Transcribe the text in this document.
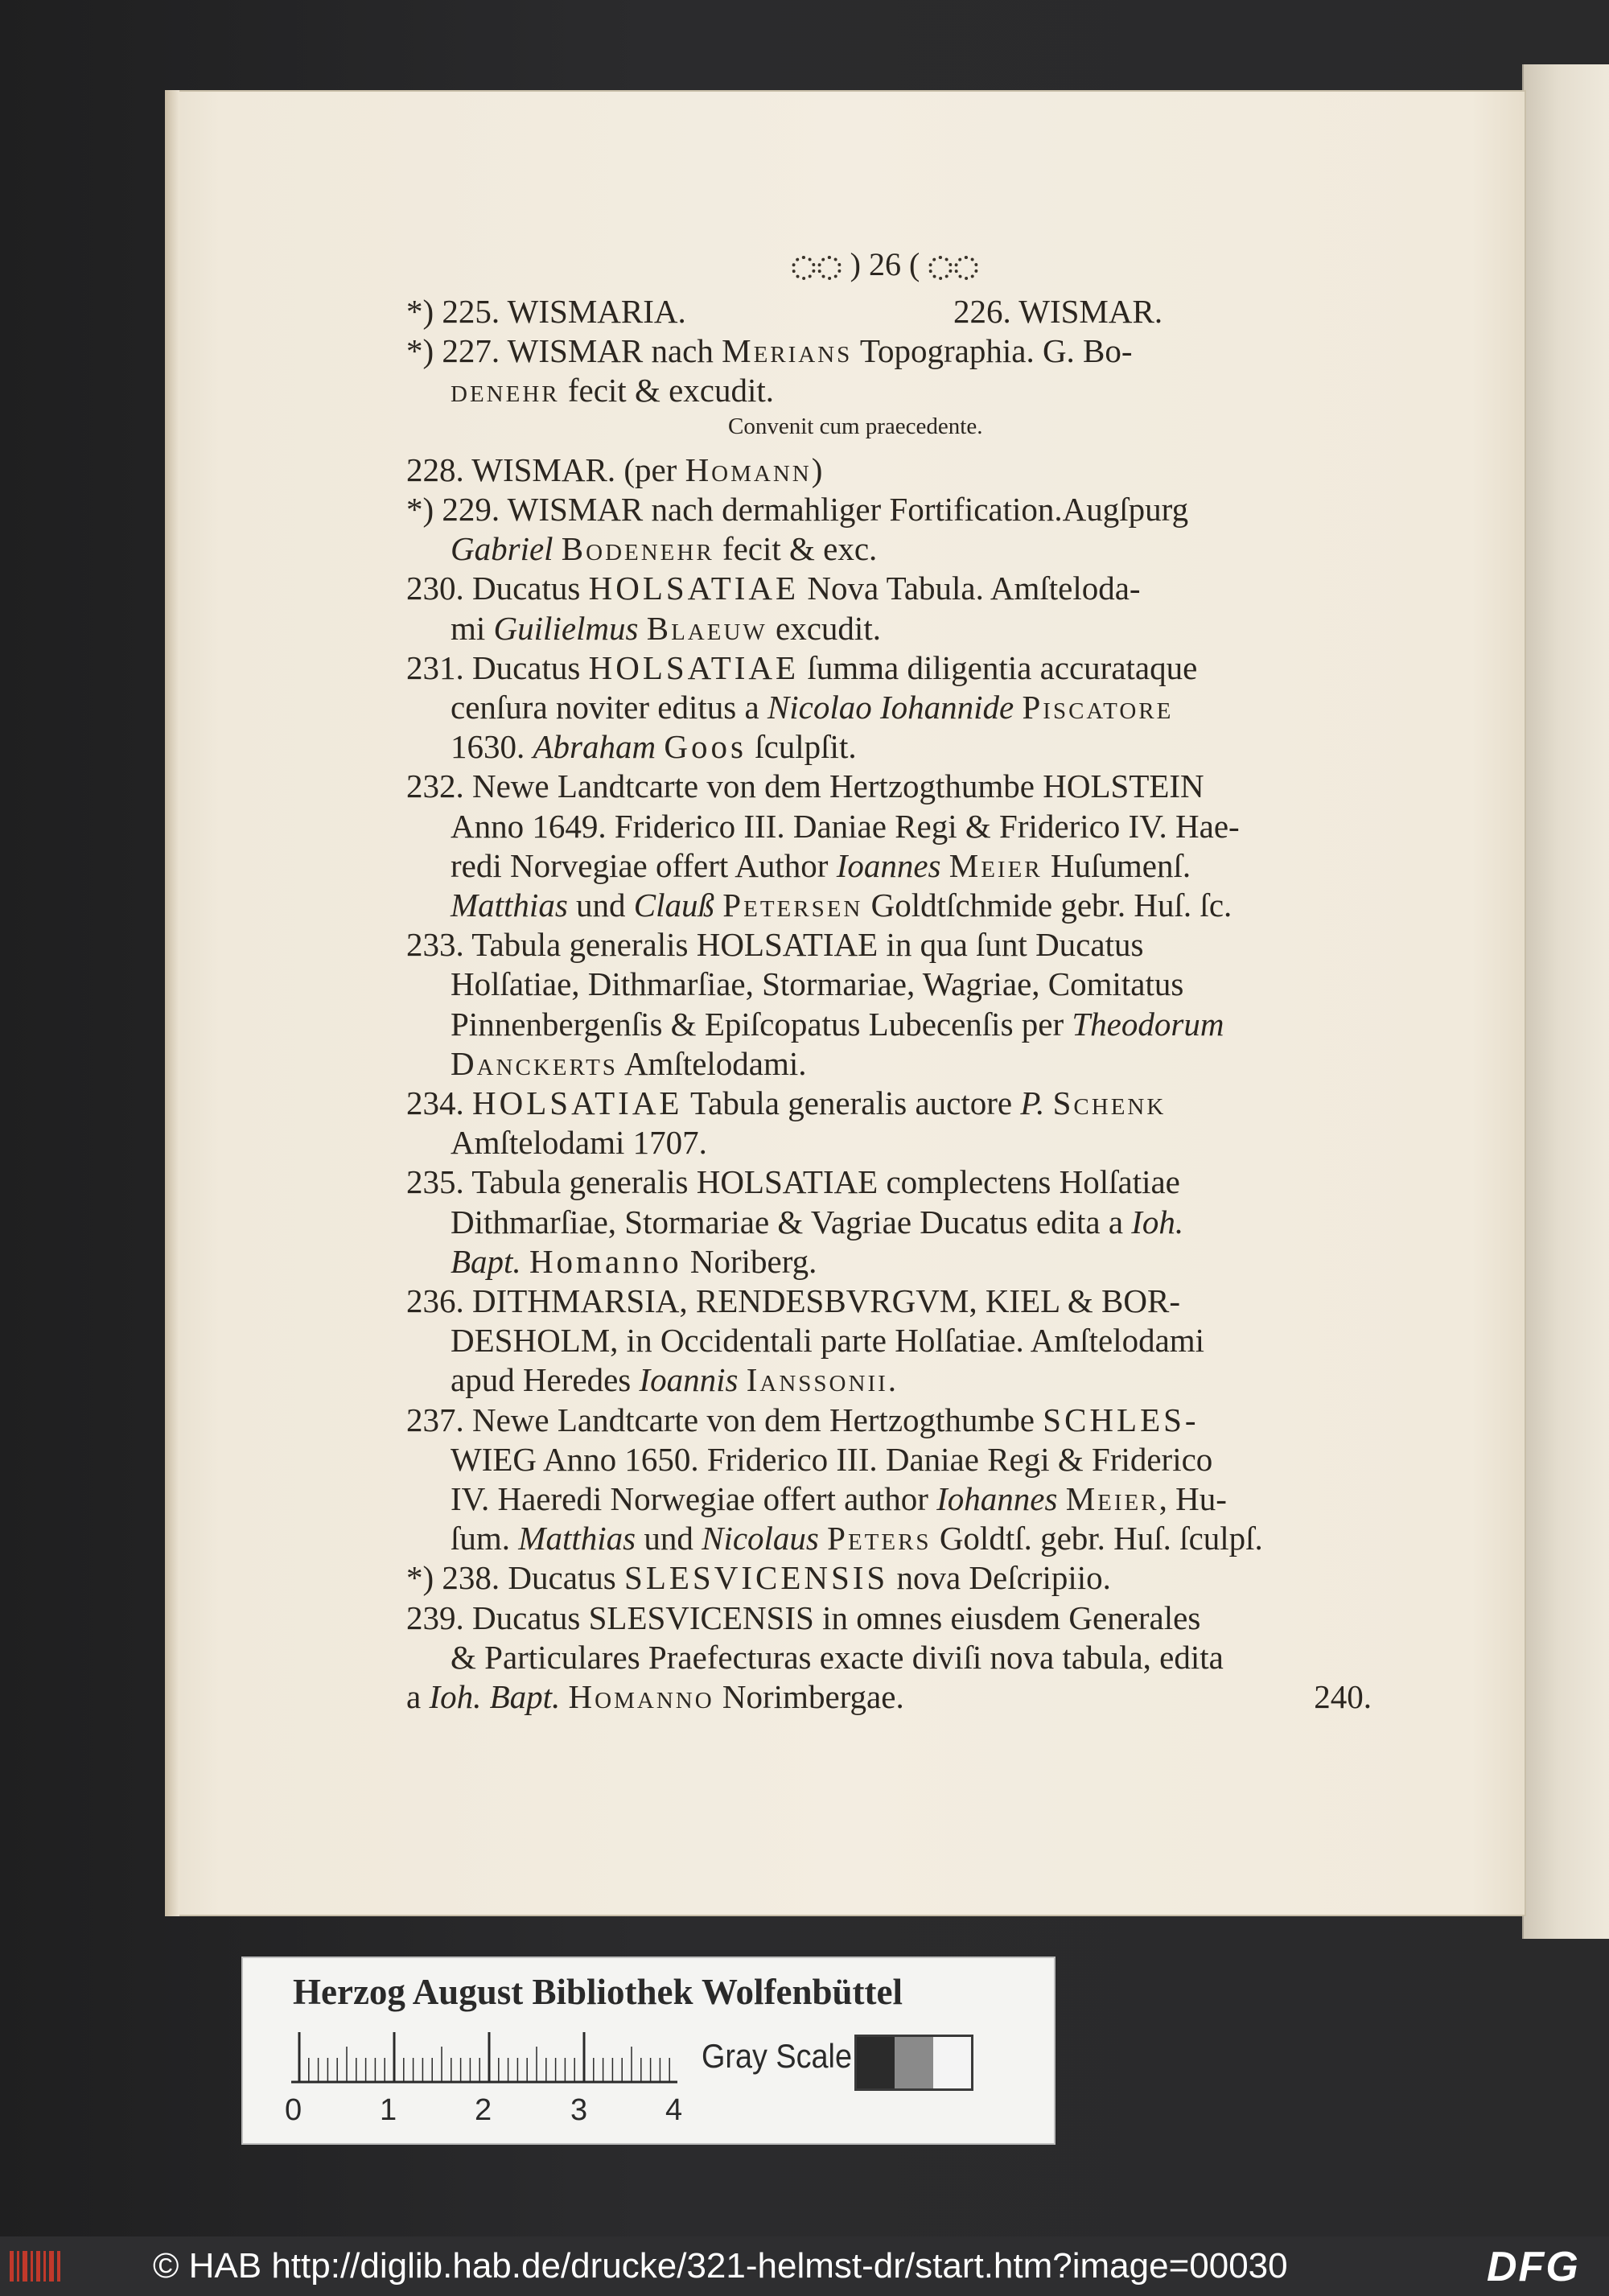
) 26 (
*) 225. WISMARIA.	226. WISMAR.
*) 227. WISMAR nach Merians Topographia. G. Bo-
denehr fecit & excudit.
Convenit cum praecedente.
228. WISMAR. (per Homann)
*) 229. WISMAR nach dermahliger Fortification.Augſpurg
Gabriel Bodenehr fecit & exc.
230. Ducatus HOLSATIAE Nova Tabula. Amſteloda-
mi Guilielmus Blaeuw excudit.
231. Ducatus HOLSATIAE ſumma diligentia accurataque
cenſura noviter editus a Nicolao Iohannide Piscatore
1630. Abraham Goos ſculpſit.
232. Newe Landtcarte von dem Hertzogthumbe HOLSTEIN
Anno 1649. Friderico III. Daniae Regi & Friderico IV. Hae-
redi Norvegiae offert Author Ioannes Meier Huſumenſ.
Matthias und Clauß Petersen Goldtſchmide gebr. Huſ. ſc.
233. Tabula generalis HOLSATIAE in qua ſunt Ducatus
Holſatiae, Dithmarſiae, Stormariae, Wagriae, Comitatus
Pinnenbergenſis & Epiſcopatus Lubecenſis per Theodorum
Danckerts Amſtelodami.
234. HOLSATIAE Tabula generalis auctore P. Schenk
Amſtelodami 1707.
235. Tabula generalis HOLSATIAE complectens Holſatiae
Dithmarſiae, Stormariae & Vagriae Ducatus edita a Ioh.
Bapt. Homanno Noriberg.
236. DITHMARSIA, RENDESBVRGVM, KIEL & BOR-
DESHOLM, in Occidentali parte Holſatiae. Amſtelodami
apud Heredes Ioannis Ianssonii.
237. Newe Landtcarte von dem Hertzogthumbe SCHLES-
WIEG Anno 1650. Friderico III. Daniae Regi & Friderico
IV. Haeredi Norwegiae offert author Iohannes Meier, Hu-
ſum. Matthias und Nicolaus Peters Goldtſ. gebr. Huſ. ſculpſ.
*) 238. Ducatus SLESVICENSIS nova Deſcripiio.
239. Ducatus SLESVICENSIS in omnes eiusdem Generales
& Particulares Praefecturas exacte diviſi nova tabula, edita
a Ioh. Bapt. Homanno Norimbergae.	240.
Herzog August Bibliothek Wolfenbüttel
0	1	2	3	4
Gray Scale
© HAB http://diglib.hab.de/drucke/321-helmst-dr/start.htm?image=00030	DFG
